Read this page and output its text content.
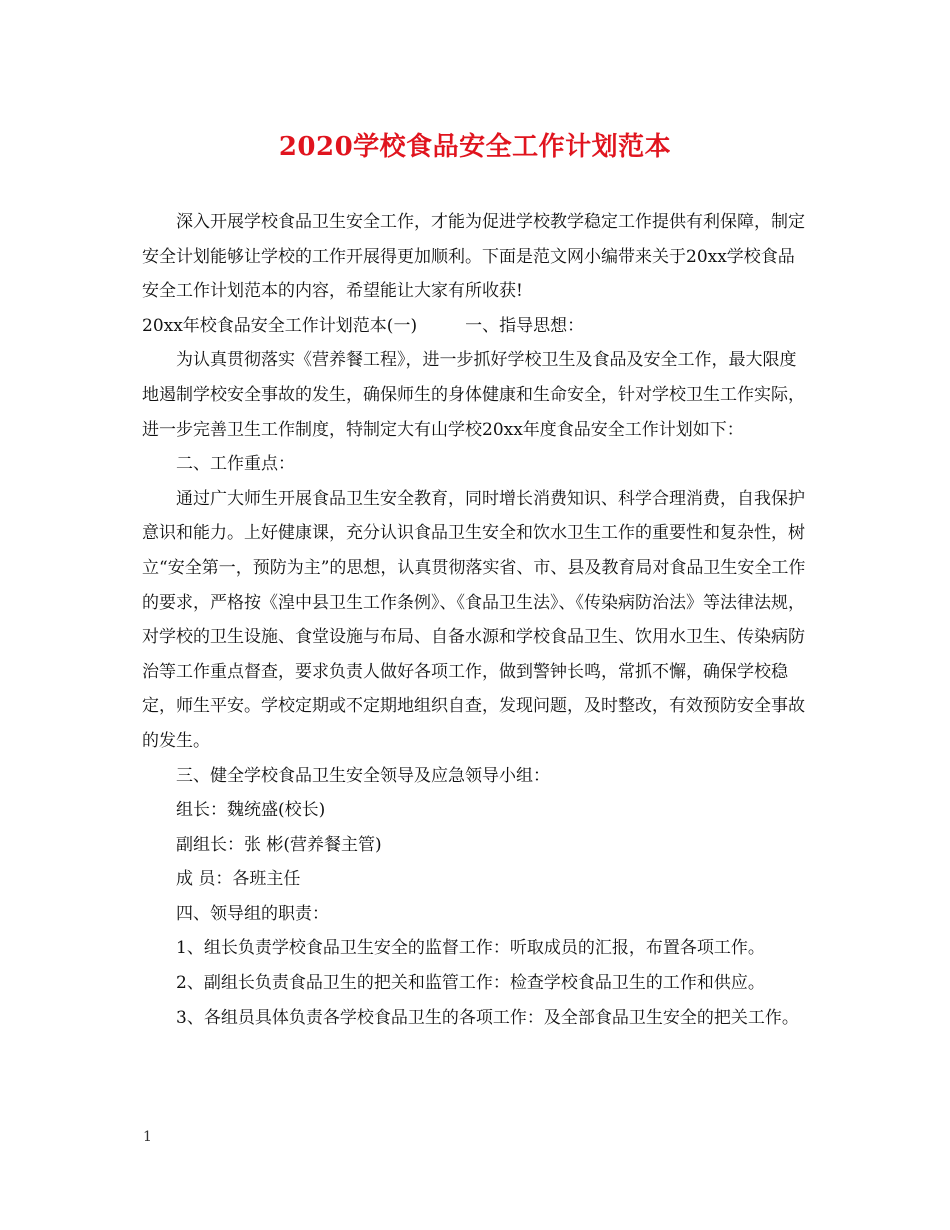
2020学校食品安全工作计划范本

深入开展学校食品卫生安全工作，才能为促进学校教学稳定工作提供有利保障，制定安全计划能够让学校的工作开展得更加顺利。下面是范文网小编带来关于20xx学校食品安全工作计划范本的内容，希望能让大家有所收获!

20xx年校食品安全工作计划范本(一)	一、指导思想：

为认真贯彻落实《营养餐工程》，进一步抓好学校卫生及食品及安全工作，最大限度地遏制学校安全事故的发生，确保师生的身体健康和生命安全，针对学校卫生工作实际，进一步完善卫生工作制度，特制定大有山学校20xx年度食品安全工作计划如下：

二、工作重点：

通过广大师生开展食品卫生安全教育，同时增长消费知识、科学合理消费，自我保护意识和能力。上好健康课，充分认识食品卫生安全和饮水卫生工作的重要性和复杂性，树立“安全第一，预防为主”的思想，认真贯彻落实省、市、县及教育局对食品卫生安全工作的要求，严格按《湟中县卫生工作条例》、《食品卫生法》、《传染病防治法》等法律法规，对学校的卫生设施、食堂设施与布局、自备水源和学校食品卫生、饮用水卫生、传染病防治等工作重点督查，要求负责人做好各项工作，做到警钟长鸣，常抓不懈，确保学校稳定，师生平安。学校定期或不定期地组织自查，发现问题，及时整改，有效预防安全事故的发生。

三、健全学校食品卫生安全领导及应急领导小组：

组长：魏统盛(校长)

副组长：张 彬(营养餐主管)

成 员：各班主任

四、领导组的职责：

1、组长负责学校食品卫生安全的监督工作：听取成员的汇报，布置各项工作。

2、副组长负责食品卫生的把关和监管工作：检查学校食品卫生的工作和供应。

3、各组员具体负责各学校食品卫生的各项工作：及全部食品卫生安全的把关工作。

1
